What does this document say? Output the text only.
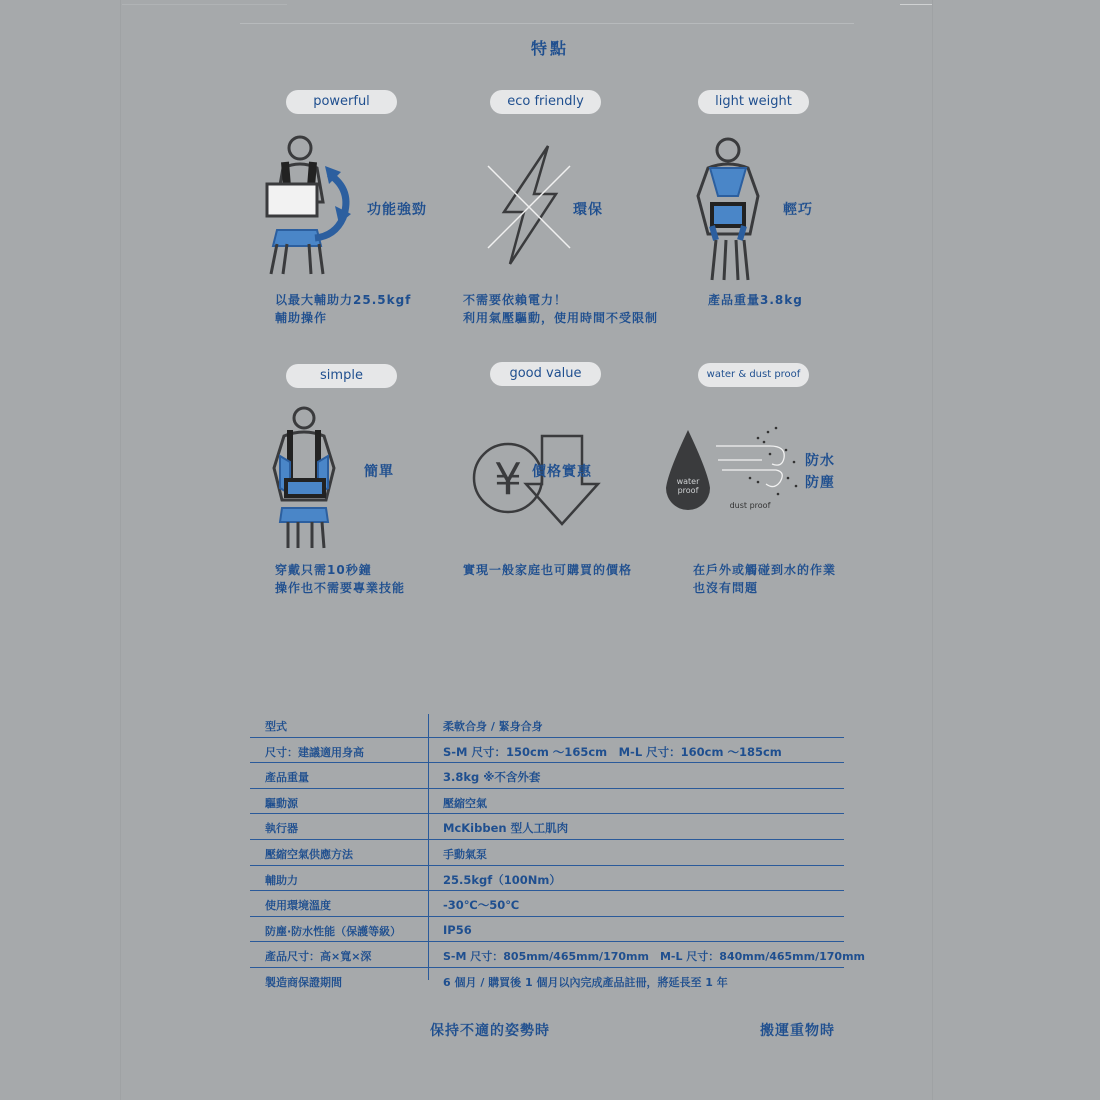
特點
powerful	eco friendly	light weight
功能強勁	環保	輕巧
以最大輔助力25.5kgf
輔助操作
不需要依賴電力！
利用氣壓驅動，使用時間不受限制
產品重量3.8kg
simple	good value	water & dust proof
簡單 ¥ 價格實惠
water
proof
dust proof
防水
防塵
穿戴只需10秒鐘
操作也不需要專業技能
實現一般家庭也可購買的價格	在戶外或觸碰到水的作業
也沒有問題
型式	柔軟合身 / 緊身合身
尺寸：建議適用身高	S-M 尺寸：150cm ～165cm　M-L 尺寸：160cm ～185cm
產品重量	3.8kg ※不含外套
驅動源	壓縮空氣
執行器	McKibben 型人工肌肉
壓縮空氣供應方法	手動氣泵
輔助力	25.5kgf（100Nm）
使用環境溫度	-30℃～50℃
防塵·防水性能（保護等級）	IP56
產品尺寸：高×寬×深	S-M 尺寸：805mm/465mm/170mm　M-L 尺寸：840mm/465mm/170mm
製造商保證期間	6 個月 / 購買後 1 個月以內完成產品註冊，將延長至 1 年
保持不適的姿勢時	搬運重物時
